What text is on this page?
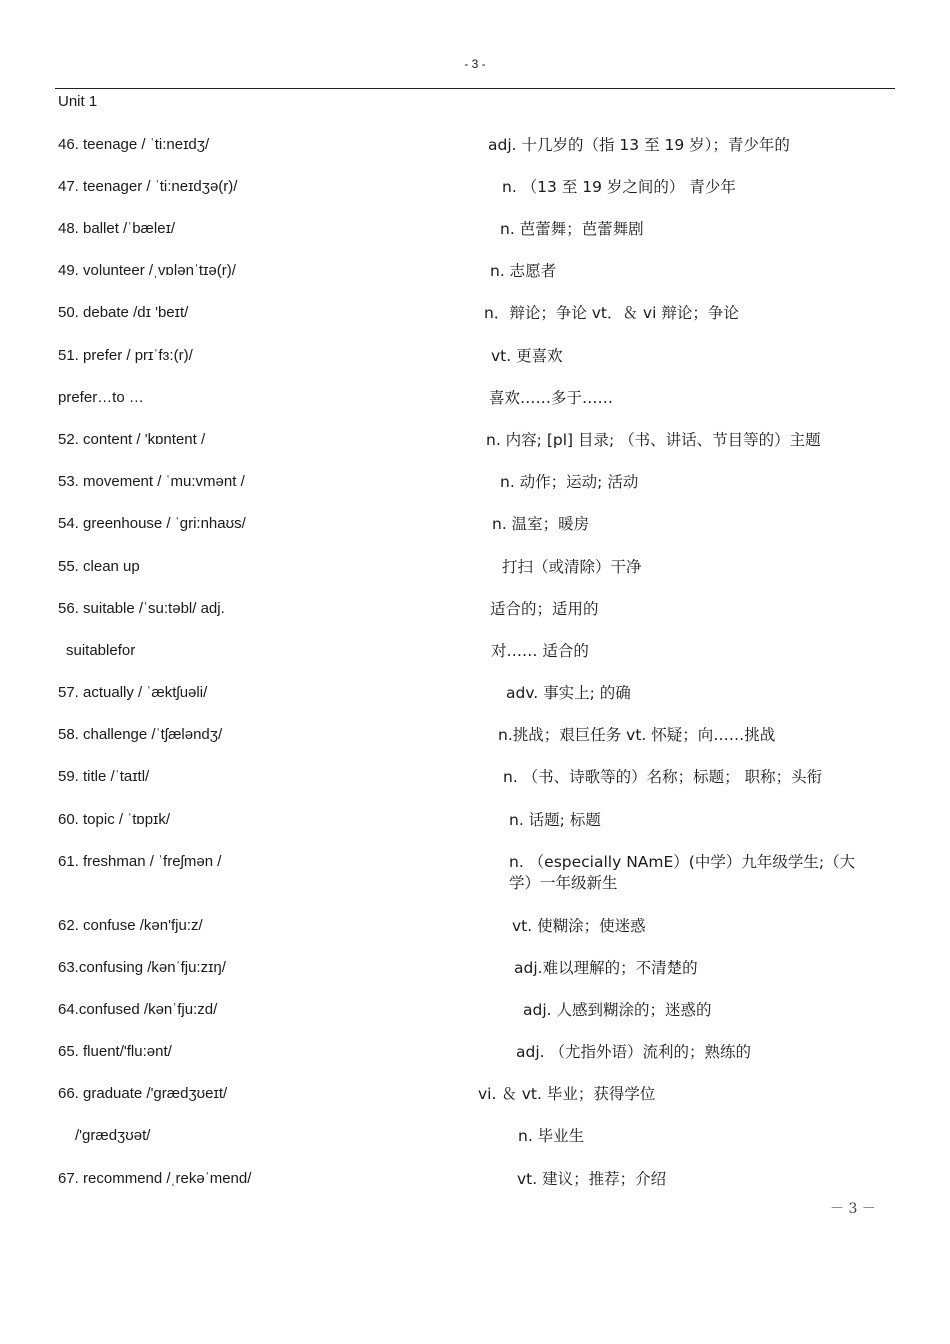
- 3 -
Unit 1
46. teenage / ˈti:neɪdʒ/	adj. 十几岁的（指 13 至 19 岁）；青少年的
47. teenager / ˈti:neɪdʒə(r)/	n. （13 至 19 岁之间的） 青少年
48. ballet /ˈbæleɪ/	n. 芭蕾舞；芭蕾舞剧
49. volunteer /ˌvɒlənˈtɪə(r)/	n. 志愿者
50. debate /dɪ 'beɪt/	n．辩论；争论 vt．＆ vi 辩论；争论
51. prefer / prɪˈfɜ:(r)/	vt. 更喜欢
prefer…to …	喜欢……多于……
52. content / 'kɒntent /	n. 内容; [pl] 目录; （书、讲话、节目等的）主题
53. movement / ˈmu:vmənt /	n. 动作；运动; 活动
54. greenhouse / ˈgri:nhaʊs/	n. 温室；暖房
55. clean up	打扫（或清除）干净
56. suitable /ˈsu:təbl/ adj.	适合的；适用的
suitablefor	对…… 适合的
57. actually / ˈæktʃuəli/	adv. 事实上; 的确
58. challenge /ˈtʃæləndʒ/	n.挑战；艰巨任务 vt. 怀疑；向……挑战
59. title /ˈtaɪtl/	n. （书、诗歌等的）名称；标题； 职称；头衔
60. topic / ˈtɒpɪk/	n. 话题; 标题
61. freshman / ˈfreʃmən /	n. （especially NAmE）(中学）九年级学生;（大学）一年级新生
62. confuse /kən'fju:z/	vt. 使糊涂；使迷惑
63.confusing /kənˈfju:zɪŋ/	adj.难以理解的；不清楚的
64.confused /kənˈfju:zd/	adj. 人感到糊涂的；迷惑的
65. fluent/'flu:ənt/	adj. （尤指外语）流利的；熟练的
66. graduate /'ɡrædʒʊeɪt/	vi. ＆ vt. 毕业；获得学位
/'ɡrædʒʊət/	n. 毕业生
67. recommend /ˌrekəˈmend/	vt. 建议；推荐；介绍
－ 3 －
